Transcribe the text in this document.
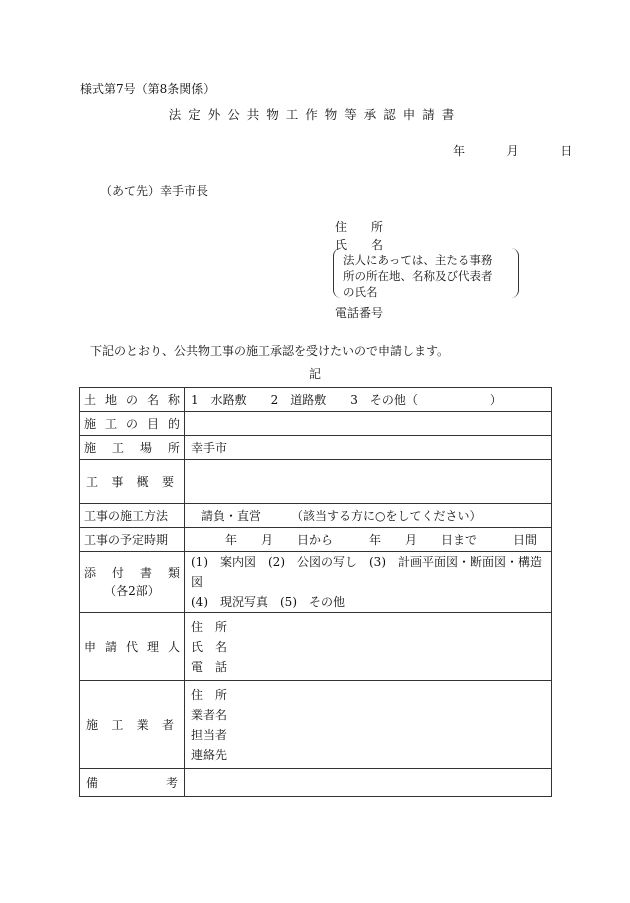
様式第7号（第8条関係）
法定外公共物工作物等承認申請書
年	月	日
（あて先）幸手市長
住　　所
氏　　名
法人にあっては、主たる事務
所の所在地、名称及び代表者
の氏名
電話番号
下記のとおり、公共物工事の施工承認を受けたいので申請します。
記
土 地 の 名 称	1　水路敷　　2　道路敷　　3　その他（　　　　　　）

施 工 の 目 的	

施 工 場 所	幸手市

工 事 概 要	

工事の施工方法	請負・直営　　　（該当する方に○をしてください）
工事の予定時期	年　　月　　日から　　　年　　月　　日まで　　　日間

添 付 書 類
（各2部）	(1)　案内図　(2)　公図の写し　(3)　計画平面図・断面図・構造図
(4)　現況写真　(5)　その他

申 請 代 理 人	住　所
氏　名
電　話

施 工 業 者	住　所
業者名
担当者
連絡先

備 考	
